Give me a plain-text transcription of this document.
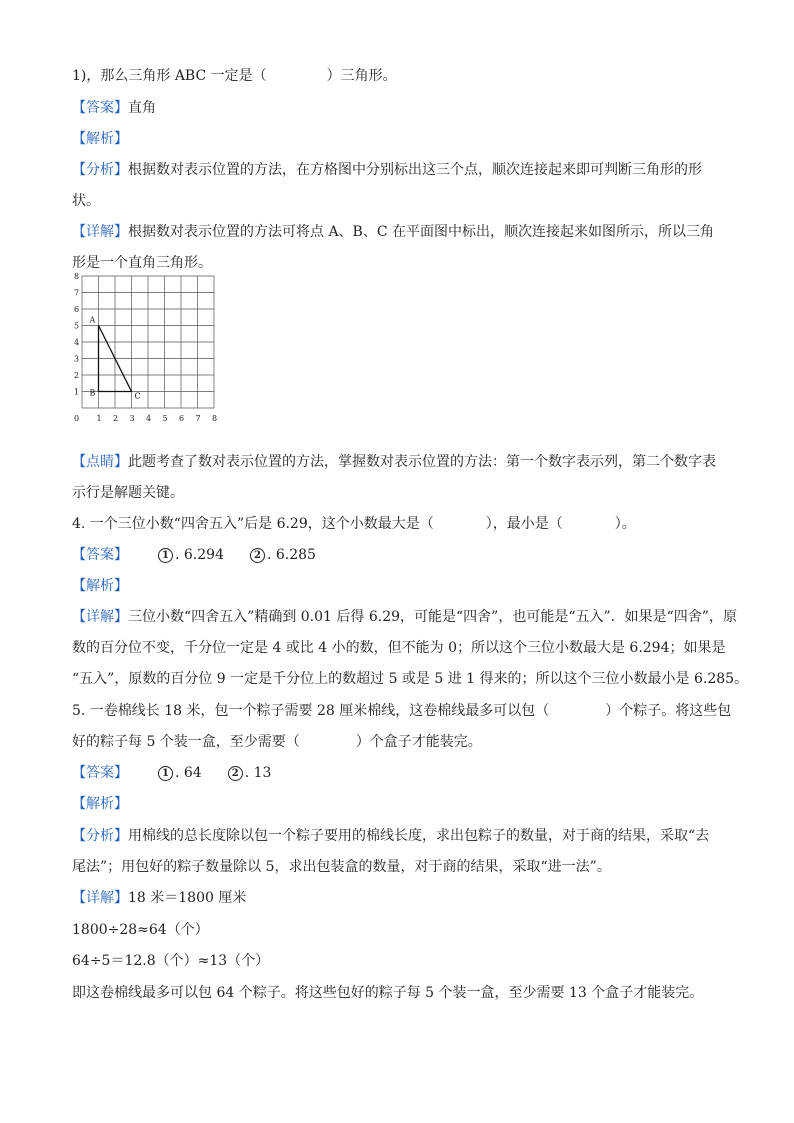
1)，那么三角形 ABC 一定是（	）三角形。
【答案】直角
【解析】
【分析】根据数对表示位置的方法，在方格图中分别标出这三个点，顺次连接起来即可判断三角形的形
状。
【详解】根据数对表示位置的方法可将点 A、B、C 在平面图中标出，顺次连接起来如图所示，所以三角
形是一个直角三角形。
1
2
3
4
5
6
7
8
1 2 3 4 5 6 7 8
0
A
B	C
【点睛】此题考查了数对表示位置的方法，掌握数对表示位置的方法：第一个数字表示列，第二个数字表
示行是解题关键。
4. 一个三位小数“四舍五入”后是 6.29，这个小数最大是（	），最小是（	）。
【答案】	1 . 6.294	2 . 6.285
【解析】
【详解】三位小数“四舍五入”精确到 0.01 后得 6.29，可能是“四舍”，也可能是“五入”．如果是“四舍”，原
数的百分位不变，千分位一定是 4 或比 4 小的数，但不能为 0；所以这个三位小数最大是 6.294；如果是
“五入”，原数的百分位 9 一定是千分位上的数超过 5 或是 5 进 1 得来的；所以这个三位小数最小是 6.285。
5. 一卷棉线长 18 米，包一个粽子需要 28 厘米棉线，这卷棉线最多可以包（	）个粽子。将这些包
好的粽子每 5 个装一盒，至少需要（	）个盒子才能装完。
【答案】	1 . 64	2 . 13
【解析】
【分析】用棉线的总长度除以包一个粽子要用的棉线长度，求出包粽子的数量，对于商的结果，采取“去
尾法”；用包好的粽子数量除以 5，求出包装盒的数量，对于商的结果，采取“进一法”。
【详解】18 米＝1800 厘米
1800÷28≈64（个）
64÷5＝12.8（个）≈13（个）
即这卷棉线最多可以包 64 个粽子。将这些包好的粽子每 5 个装一盒，至少需要 13 个盒子才能装完。
